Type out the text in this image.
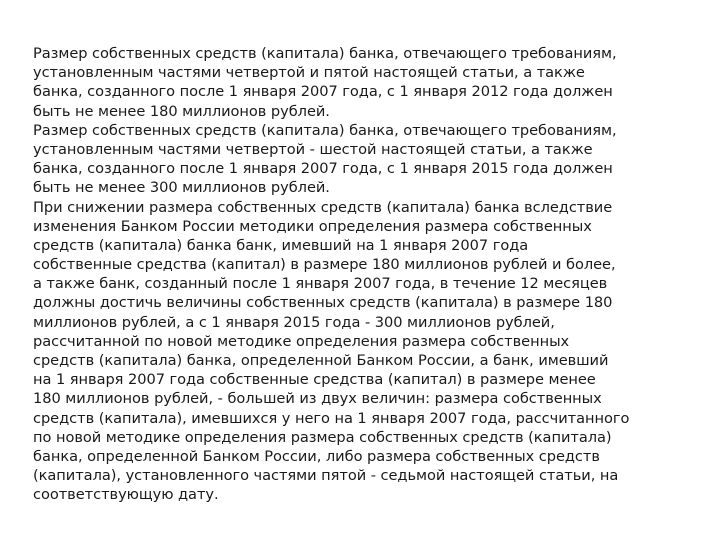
Размер собственных средств (капитала) банка, отвечающего требованиям,
установленным частями четвертой и пятой настоящей статьи, а также
банка, созданного после 1 января 2007 года, с 1 января 2012 года должен
быть не менее 180 миллионов рублей.
Размер собственных средств (капитала) банка, отвечающего требованиям,
установленным частями четвертой - шестой настоящей статьи, а также
банка, созданного после 1 января 2007 года, с 1 января 2015 года должен
быть не менее 300 миллионов рублей.
При снижении размера собственных средств (капитала) банка вследствие
изменения Банком России методики определения размера собственных
средств (капитала) банка банк, имевший на 1 января 2007 года
собственные средства (капитал) в размере 180 миллионов рублей и более,
а также банк, созданный после 1 января 2007 года, в течение 12 месяцев
должны достичь величины собственных средств (капитала) в размере 180
миллионов рублей, а с 1 января 2015 года - 300 миллионов рублей,
рассчитанной по новой методике определения размера собственных
средств (капитала) банка, определенной Банком России, а банк, имевший
на 1 января 2007 года собственные средства (капитал) в размере менее
180 миллионов рублей, - большей из двух величин: размера собственных
средств (капитала), имевшихся у него на 1 января 2007 года, рассчитанного
по новой методике определения размера собственных средств (капитала)
банка, определенной Банком России, либо размера собственных средств
(капитала), установленного частями пятой - седьмой настоящей статьи, на
соответствующую дату.
